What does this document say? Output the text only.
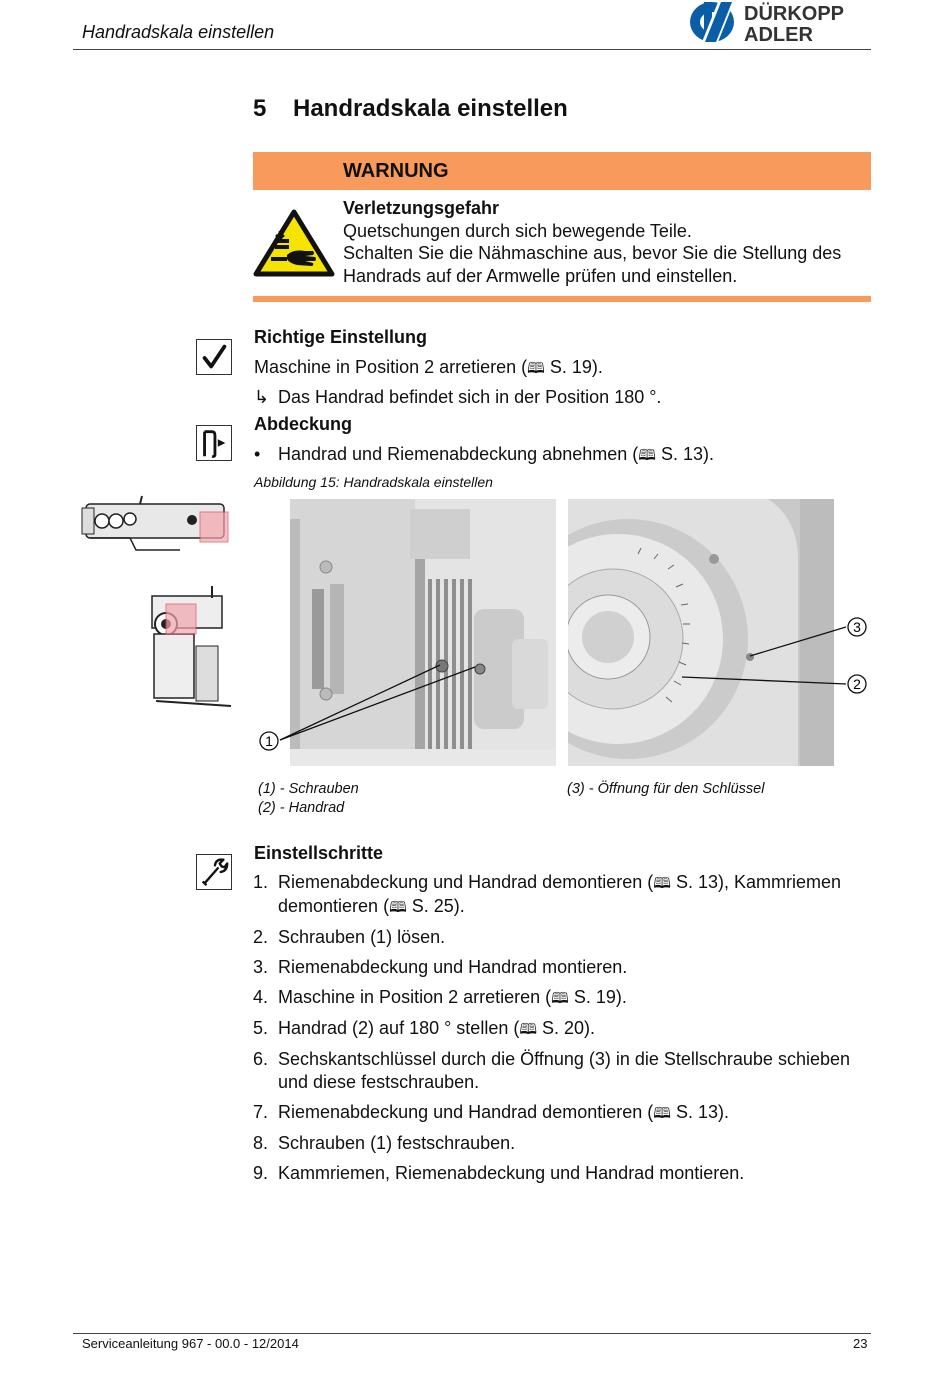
Handradskala einstellen
DÜRKOPP
ADLER
5 Handradskala einstellen
WARNUNG
Verletzungsgefahr
Quetschungen durch sich bewegende Teile.
Schalten Sie die Nähmaschine aus, bevor Sie die Stellung des Handrads auf der Armwelle prüfen und einstellen.
Richtige Einstellung
Maschine in Position 2 arretieren (🕮 S. 19).
↳ Das Handrad befindet sich in der Position 180 °.
Abdeckung
• Handrad und Riemenabdeckung abnehmen (🕮 S. 13).
Abbildung 15: Handradskala einstellen
1
2
3
(1) - Schrauben
(2) - Handrad
(3) - Öffnung für den Schlüssel
Einstellschritte
1. Riemenabdeckung und Handrad demontieren (🕮 S. 13), Kammriemen demontieren (🕮 S. 25).
2. Schrauben (1) lösen.
3. Riemenabdeckung und Handrad montieren.
4. Maschine in Position 2 arretieren (🕮 S. 19).
5. Handrad (2) auf 180 ° stellen (🕮 S. 20).
6. Sechskantschlüssel durch die Öffnung (3) in die Stellschraube schieben und diese festschrauben.
7. Riemenabdeckung und Handrad demontieren (🕮 S. 13).
8. Schrauben (1) festschrauben.
9. Kammriemen, Riemenabdeckung und Handrad montieren.
Serviceanleitung 967 - 00.0 - 12/2014	23
